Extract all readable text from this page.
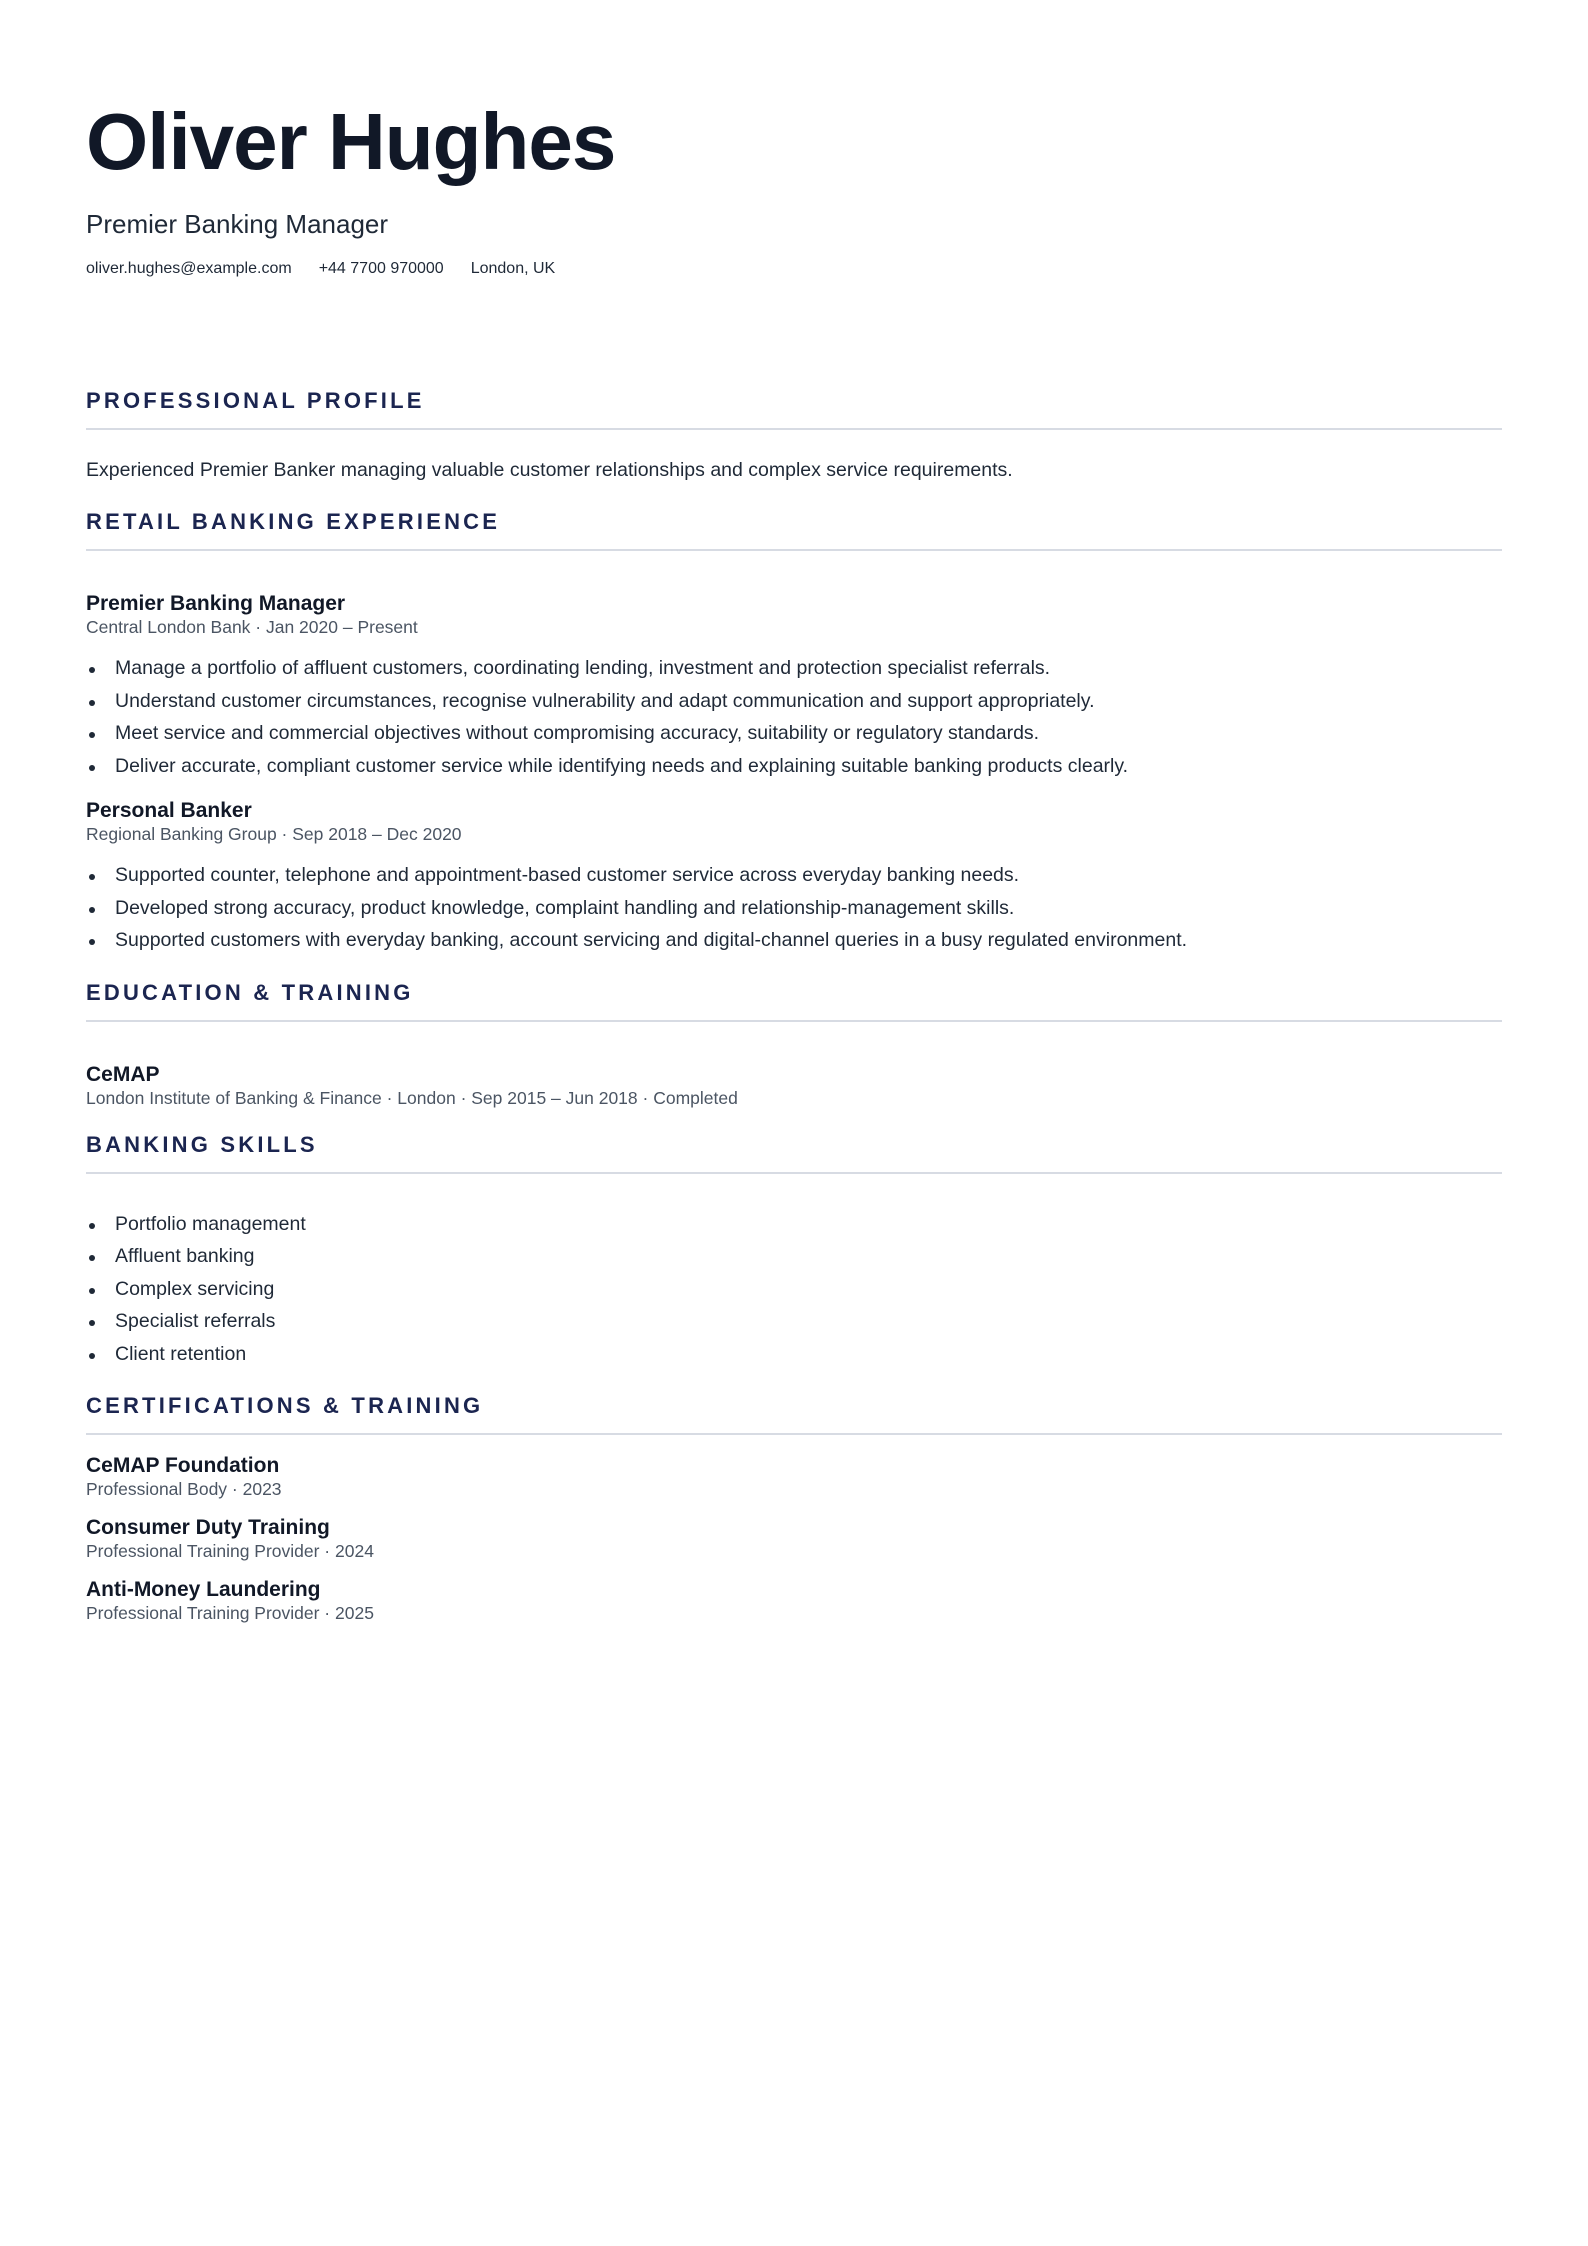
Oliver Hughes
Premier Banking Manager
oliver.hughes@example.com +44 7700 970000 London, UK
PROFESSIONAL PROFILE
Experienced Premier Banker managing valuable customer relationships and complex service requirements.
RETAIL BANKING EXPERIENCE
Premier Banking Manager
Central London Bank · Jan 2020 – Present
Manage a portfolio of affluent customers, coordinating lending, investment and protection specialist referrals.
Understand customer circumstances, recognise vulnerability and adapt communication and support appropriately.
Meet service and commercial objectives without compromising accuracy, suitability or regulatory standards.
Deliver accurate, compliant customer service while identifying needs and explaining suitable banking products clearly.
Personal Banker
Regional Banking Group · Sep 2018 – Dec 2020
Supported counter, telephone and appointment-based customer service across everyday banking needs.
Developed strong accuracy, product knowledge, complaint handling and relationship-management skills.
Supported customers with everyday banking, account servicing and digital-channel queries in a busy regulated environment.
EDUCATION & TRAINING
CeMAP
London Institute of Banking & Finance · London · Sep 2015 – Jun 2018 · Completed
BANKING SKILLS
Portfolio management
Affluent banking
Complex servicing
Specialist referrals
Client retention
CERTIFICATIONS & TRAINING
CeMAP Foundation
Professional Body · 2023
Consumer Duty Training
Professional Training Provider · 2024
Anti-Money Laundering
Professional Training Provider · 2025
